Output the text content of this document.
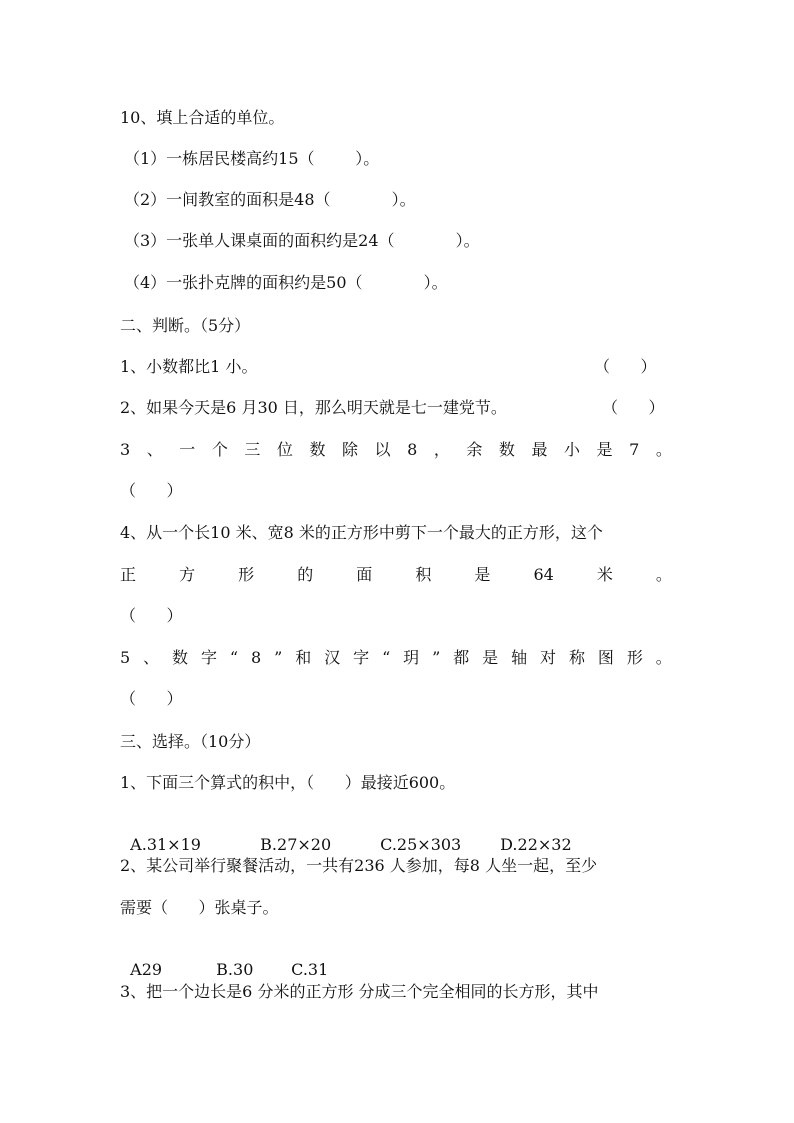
10、填上合适的单位。
（1）一栋居民楼高约15（        ）。
（2）一间教室的面积是48（            ）。
（3）一张单人课桌面的面积约是24（            ）。
（4）一张扑克牌的面积约是50（            ）。
二、判断。（5分）
1、小数都比1 小。	（      ）
2、如果今天是6 月30 日，那么明天就是七一建党节。	（      ）
3 、 一 个 三 位 数 除 以 8 ， 余 数 最 小 是 7 。
（      ）
4、从一个长10 米、宽8 米的正方形中剪下一个最大的正方形，这个
正	方	形	的	面	积	是	64	米	。
（      ）
5 、 数 字 “ 8 ” 和 汉 字 “ 玥 ” 都 是 轴 对 称 图 形 。
（      ）
三、选择。（10分）
1、下面三个算式的积中，（      ）最接近600。

A.31×19	B.27×20	C.25×303 D.22×32

2、某公司举行聚餐活动，一共有236 人参加，每8 人坐一起，至少
需要（      ）张桌子。

A29	B.30 C.31

3、把一个边长是6 分米的正方形 分成三个完全相同的长方形，其中
